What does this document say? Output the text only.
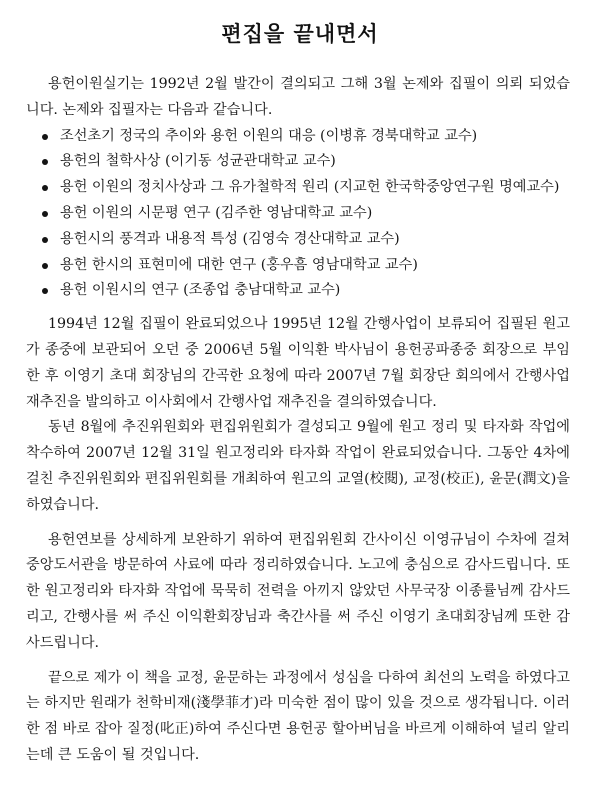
편집을 끝내면서

용헌이원실기는 1992년 2월 발간이 결의되고 그해 3월 논제와 집필이 의뢰 되었습니다. 논제와 집필자는 다음과 같습니다.

조선초기 정국의 추이와 용헌 이원의 대응 (이병휴 경북대학교 교수)
용헌의 철학사상 (이기동 성균관대학교 교수)
용헌 이원의 정치사상과 그 유가철학적 원리 (지교헌 한국학중앙연구원 명예교수)
용헌 이원의 시문평 연구 (김주한 영남대학교 교수)
용헌시의 풍격과 내용적 특성 (김영숙 경산대학교 교수)
용헌 한시의 표현미에 대한 연구 (홍우흠 영남대학교 교수)
용헌 이원시의 연구 (조종업 충남대학교 교수)

1994년 12월 집필이 완료되었으나 1995년 12월 간행사업이 보류되어 집필된 원고가 종중에 보관되어 오던 중 2006년 5월 이익환 박사님이 용헌공파종중 회장으로 부임한 후 이영기 초대 회장님의 간곡한 요청에 따라 2007년 7월 회장단 회의에서 간행사업 재추진을 발의하고 이사회에서 간행사업 재추진을 결의하였습니다.

동년 8월에 추진위원회와 편집위원회가 결성되고 9월에 원고 정리 및 타자화 작업에 착수하여 2007년 12월 31일 원고정리와 타자화 작업이 완료되었습니다. 그동안 4차에 걸친 추진위원회와 편집위원회를 개최하여 원고의 교열(校閱), 교정(校正), 윤문(潤文)을 하였습니다.

용헌연보를 상세하게 보완하기 위하여 편집위원회 간사이신 이영규님이 수차에 걸쳐 중앙도서관을 방문하여 사료에 따라 정리하였습니다. 노고에 충심으로 감사드립니다. 또한 원고정리와 타자화 작업에 묵묵히 전력을 아끼지 않았던 사무국장 이종률님께 감사드리고, 간행사를 써 주신 이익환회장님과 축간사를 써 주신 이영기 초대회장님께 또한 감사드립니다.

끝으로 제가 이 책을 교정, 윤문하는 과정에서 성심을 다하여 최선의 노력을 하였다고는 하지만 원래가 천학비재(淺學菲才)라 미숙한 점이 많이 있을 것으로 생각됩니다. 이러한 점 바로 잡아 질정(叱正)하여 주신다면 용헌공 할아버님을 바르게 이해하여 널리 알리는데 큰 도움이 될 것입니다.
